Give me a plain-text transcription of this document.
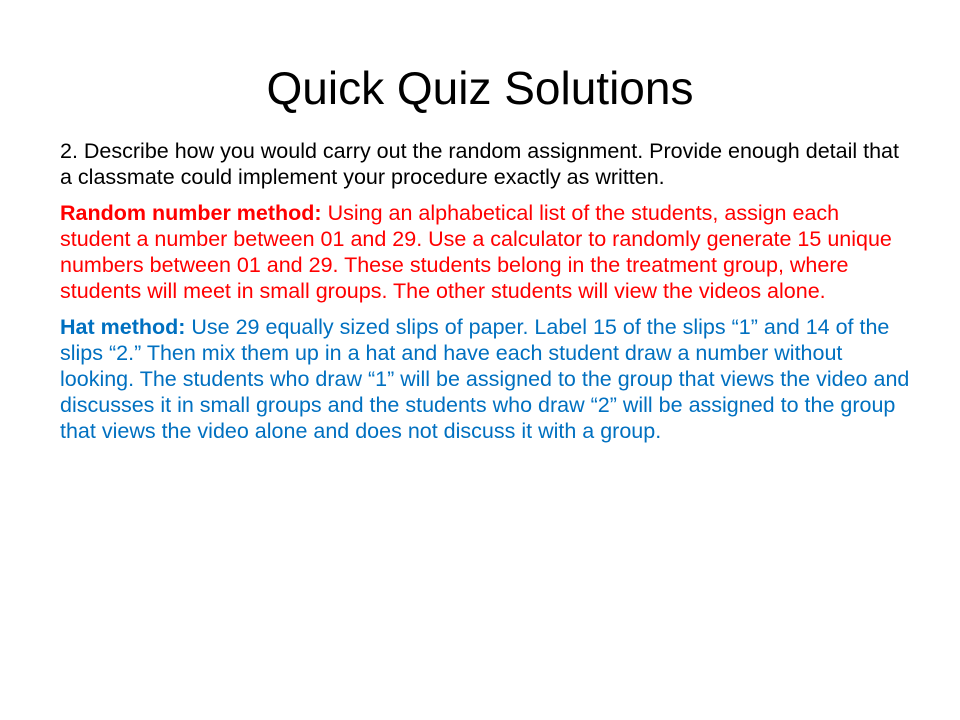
Quick Quiz Solutions

2. Describe how you would carry out the random assignment. Provide enough detail that a classmate could implement your procedure exactly as written.

Random number method: Using an alphabetical list of the students, assign each student a number between 01 and 29. Use a calculator to randomly generate 15 unique numbers between 01 and 29. These students belong in the treatment group, where students will meet in small groups. The other students will view the videos alone.

Hat method: Use 29 equally sized slips of paper. Label 15 of the slips “1” and 14 of the slips “2.” Then mix them up in a hat and have each student draw a number without looking. The students who draw “1” will be assigned to the group that views the video and discusses it in small groups and the students who draw “2” will be assigned to the group that views the video alone and does not discuss it with a group.
